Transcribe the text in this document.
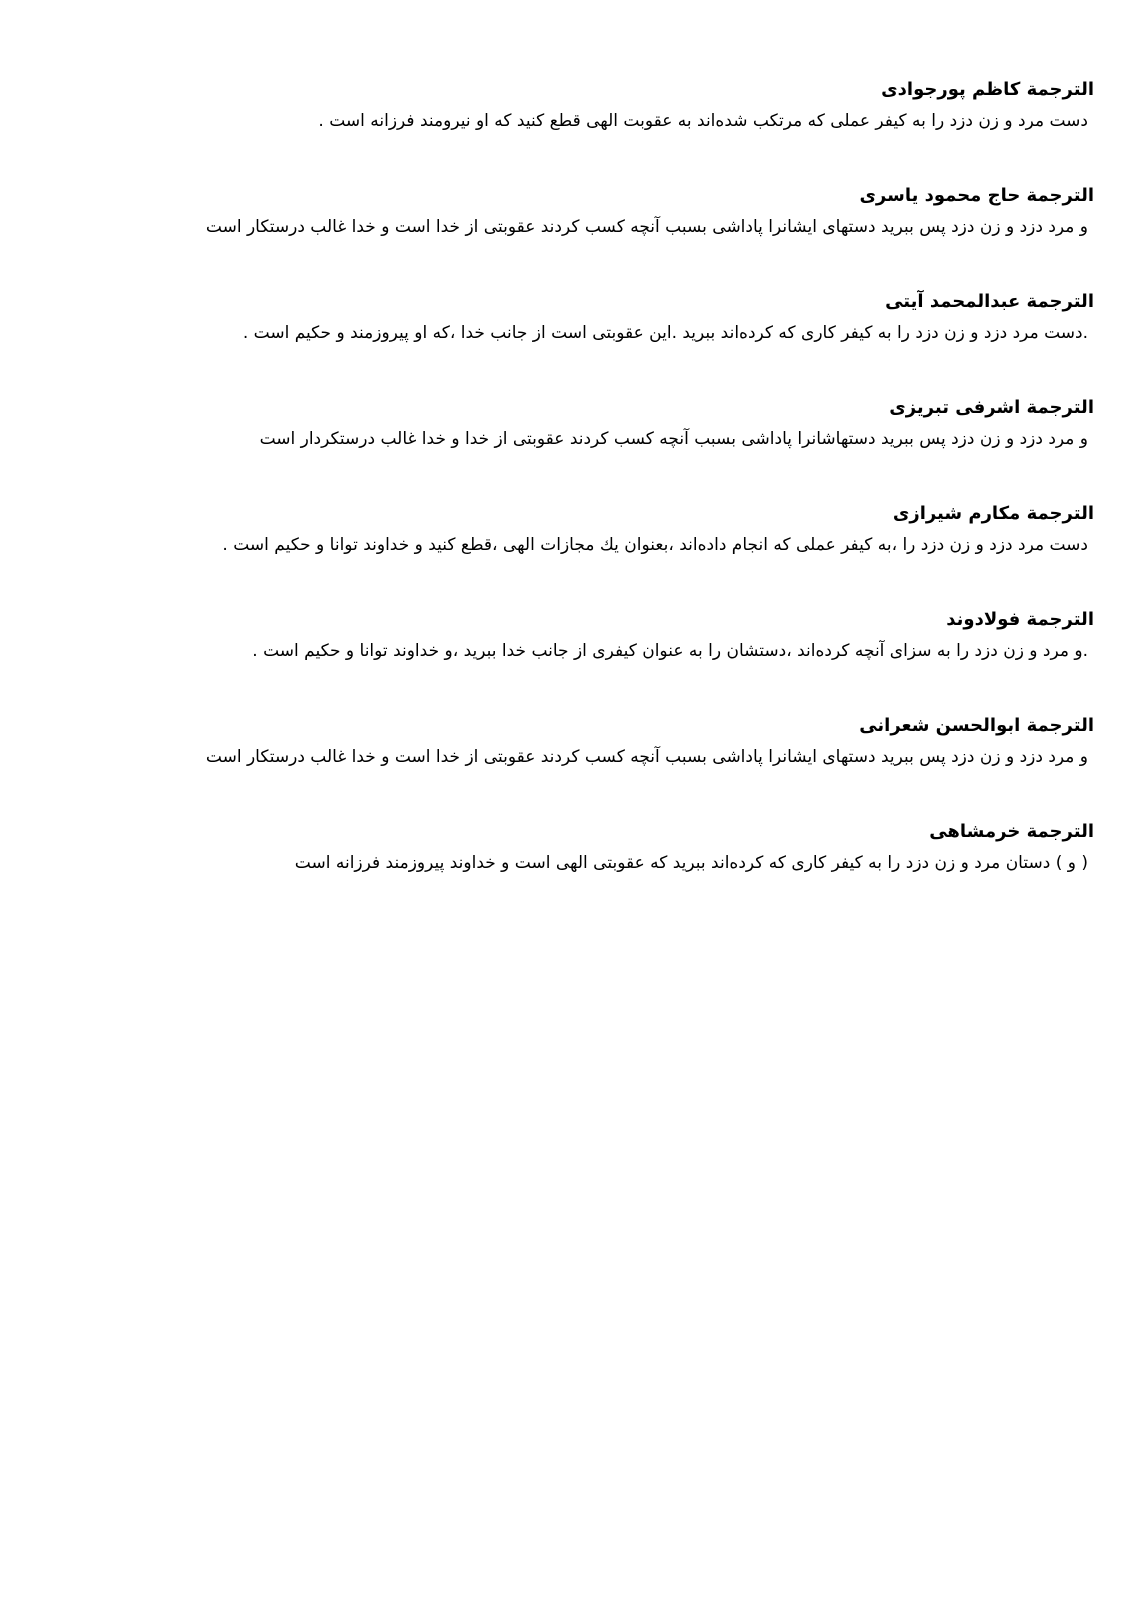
الترجمة كاظم پورجوادى
دست مرد و زن دزد را به كيفر عملى كه مرتكب شده‌اند به عقوبت الهى قطع كنيد كه او نيرومند فرزانه است .
الترجمة حاج محمود ياسرى
و مرد دزد و زن دزد پس ببريد دستهاى ايشانرا پاداشى بسبب آنچه كسب كردند عقوبتى از خدا است و خدا غالب درستكار است
الترجمة عبدالمحمد آيتى
.دست مرد دزد و زن دزد را به كيفر كارى كه كرده‌اند ببريد .اين عقوبتى است از جانب خدا ،كه او پيروزمند و حكيم است .
الترجمة اشرفى تبريزى
و مرد دزد و زن دزد پس ببريد دستهاشانرا پاداشى بسبب آنچه كسب كردند عقوبتى از خدا و خدا غالب درستكردار است
الترجمة مكارم شيرازى
دست مرد دزد و زن دزد را ،به كيفر عملى كه انجام داده‌اند ،بعنوان يك مجازات الهى ،قطع كنيد و خداوند توانا و حكيم است .
الترجمة فولادوند
.و مرد و زن دزد را به سزاى آنچه كرده‌اند ،دستشان را به عنوان كيفرى از جانب خدا ببريد ،و خداوند توانا و حكيم است .
الترجمة ابوالحسن شعرانى
و مرد دزد و زن دزد پس ببريد دستهاى ايشانرا پاداشى بسبب آنچه كسب كردند عقوبتى از خدا است و خدا غالب درستكار است
الترجمة خرمشاهى
( و ) دستان مرد و زن دزد را به كيفر كارى كه كرده‌اند ببريد كه عقوبتى الهى است و خداوند پيروزمند فرزانه است
